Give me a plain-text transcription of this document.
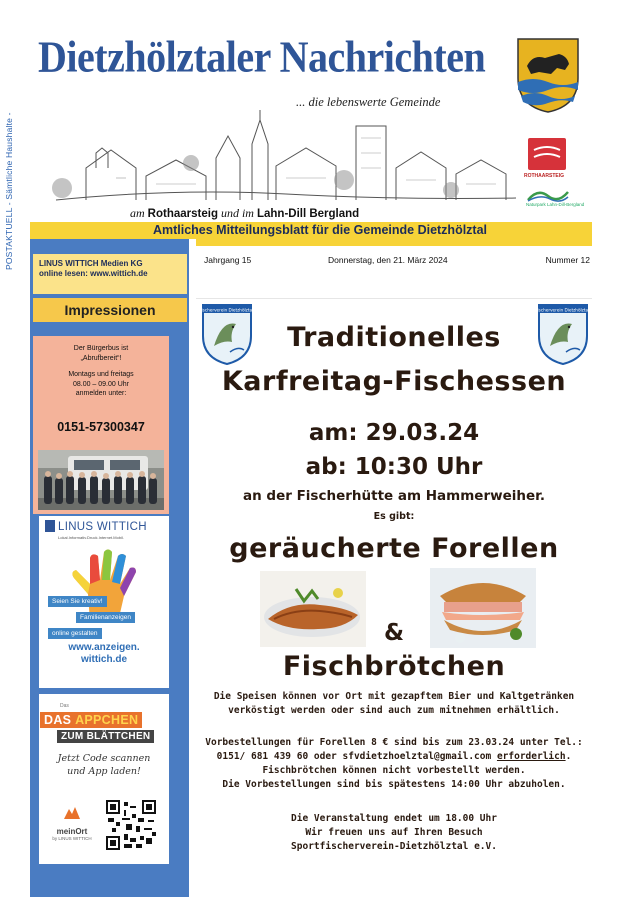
POSTAKTUELL - Sämtliche Haushalte -
Dietzhölztaler Nachrichten
... die lebenswerte Gemeinde
am Rothaarsteig und im Lahn-Dill Bergland
ROTHAARSTEIG
Naturpark Lahn-Dill-Bergland
Amtliches Mitteilungsblatt für die Gemeinde Dietzhölztal
LINUS WITTICH Medien KG
online lesen: www.wittich.de
Impressionen
Der Bürgerbus ist
„Abrufbereit“!
Montags und freitags
08.00 – 09.00 Uhr
anmelden unter:
0151-57300347
LINUS WITTICH
Lokal.Informativ.Druck.Internet.Mobil.
Seien Sie kreativ!
Familienanzeigen
online gestalten
www.anzeigen.
wittich.de
Das
DAS APPCHEN
ZUM BLÄTTCHEN
Jetzt Code scannen
und App laden!
meinOrt
by LINUS WITTICH
Jahrgang 15	Donnerstag, den 21. März 2024	Nummer 12
Sportfischerverein Dietzhölztal 1971	Sportfischerverein Dietzhölztal 1971
Traditionelles
Karfreitag-Fischessen
am: 29.03.24
ab: 10:30 Uhr
an der Fischerhütte am Hammerweiher.
Es gibt:
geräucherte Forellen
&
Fischbrötchen
Die Speisen können vor Ort mit gezapftem Bier und Kaltgetränken
verköstigt werden oder sind auch zum mitnehmen erhältlich.
Vorbestellungen für Forellen 8 € sind bis zum 23.03.24 unter Tel.:
0151/ 681 439 60 oder sfvdietzhoelztal@gmail.com erforderlich.
Fischbrötchen können nicht vorbestellt werden.
Die Vorbestellungen sind bis spätestens 14:00 Uhr abzuholen.
Die Veranstaltung endet um 18.00 Uhr
Wir freuen uns auf Ihren Besuch
Sportfischerverein-Dietzhölztal e.V.
